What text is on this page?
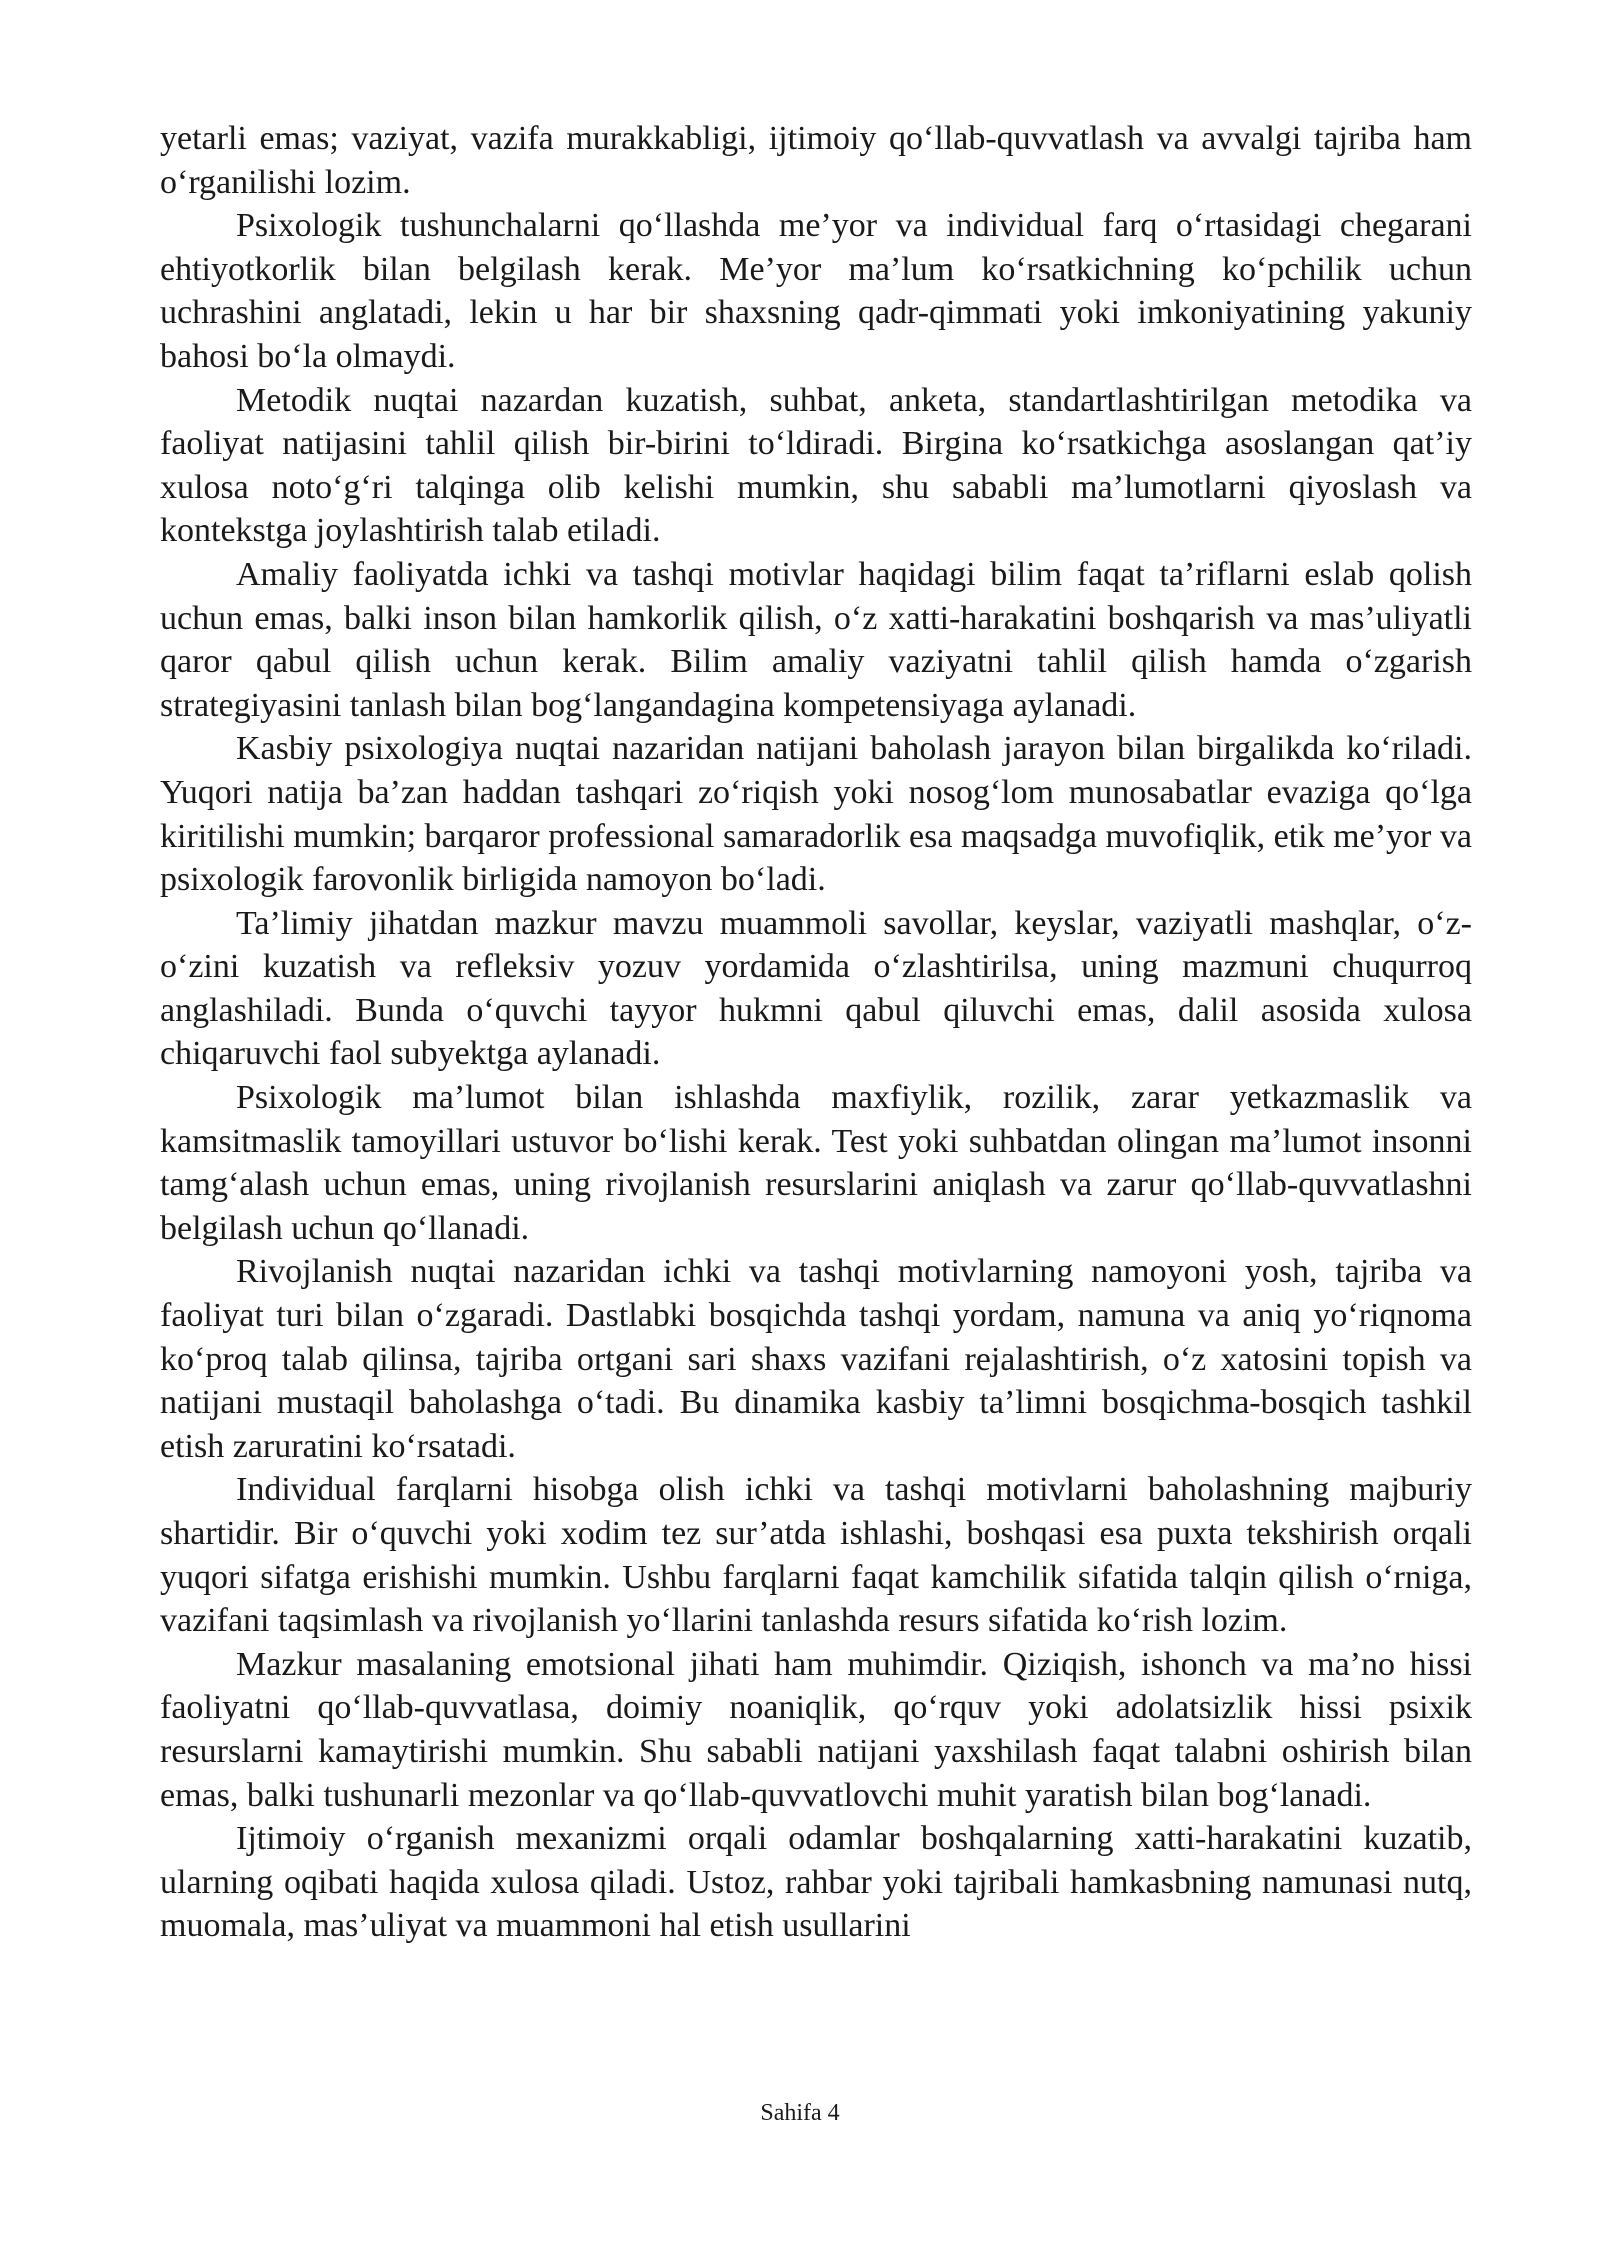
yetarli emas; vaziyat, vazifa murakkabligi, ijtimoiy qo‘llab-quvvatlash va avvalgi tajriba ham o‘rganilishi lozim.

Psixologik tushunchalarni qo‘llashda me’yor va individual farq o‘rtasidagi chegarani ehtiyotkorlik bilan belgilash kerak. Me’yor ma’lum ko‘rsatkichning ko‘pchilik uchun uchrashini anglatadi, lekin u har bir shaxsning qadr-qimmati yoki imkoniyatining yakuniy bahosi bo‘la olmaydi.

Metodik nuqtai nazardan kuzatish, suhbat, anketa, standartlashtirilgan metodika va faoliyat natijasini tahlil qilish bir-birini to‘ldiradi. Birgina ko‘rsatkichga asoslangan qat’iy xulosa noto‘g‘ri talqinga olib kelishi mumkin, shu sababli ma’lumotlarni qiyoslash va kontekstga joylashtirish talab etiladi.

Amaliy faoliyatda ichki va tashqi motivlar haqidagi bilim faqat ta’riflarni eslab qolish uchun emas, balki inson bilan hamkorlik qilish, o‘z xatti-harakatini boshqarish va mas’uliyatli qaror qabul qilish uchun kerak. Bilim amaliy vaziyatni tahlil qilish hamda o‘zgarish strategiyasini tanlash bilan bog‘langandagina kompetensiyaga aylanadi.

Kasbiy psixologiya nuqtai nazaridan natijani baholash jarayon bilan birgalikda ko‘riladi. Yuqori natija ba’zan haddan tashqari zo‘riqish yoki nosog‘lom munosabatlar evaziga qo‘lga kiritilishi mumkin; barqaror professional samaradorlik esa maqsadga muvofiqlik, etik me’yor va psixologik farovonlik birligida namoyon bo‘ladi.

Ta’limiy jihatdan mazkur mavzu muammoli savollar, keyslar, vaziyatli mashqlar, o‘z-o‘zini kuzatish va refleksiv yozuv yordamida o‘zlashtirilsa, uning mazmuni chuqurroq anglashiladi. Bunda o‘quvchi tayyor hukmni qabul qiluvchi emas, dalil asosida xulosa chiqaruvchi faol subyektga aylanadi.

Psixologik ma’lumot bilan ishlashda maxfiylik, rozilik, zarar yetkazmaslik va kamsitmaslik tamoyillari ustuvor bo‘lishi kerak. Test yoki suhbatdan olingan ma’lumot insonni tamg‘alash uchun emas, uning rivojlanish resurslarini aniqlash va zarur qo‘llab-quvvatlashni belgilash uchun qo‘llanadi.

Rivojlanish nuqtai nazaridan ichki va tashqi motivlarning namoyoni yosh, tajriba va faoliyat turi bilan o‘zgaradi. Dastlabki bosqichda tashqi yordam, namuna va aniq yo‘riqnoma ko‘proq talab qilinsa, tajriba ortgani sari shaxs vazifani rejalashtirish, o‘z xatosini topish va natijani mustaqil baholashga o‘tadi. Bu dinamika kasbiy ta’limni bosqichma-bosqich tashkil etish zaruratini ko‘rsatadi.

Individual farqlarni hisobga olish ichki va tashqi motivlarni baholashning majburiy shartidir. Bir o‘quvchi yoki xodim tez sur’atda ishlashi, boshqasi esa puxta tekshirish orqali yuqori sifatga erishishi mumkin. Ushbu farqlarni faqat kamchilik sifatida talqin qilish o‘rniga, vazifani taqsimlash va rivojlanish yo‘llarini tanlashda resurs sifatida ko‘rish lozim.

Mazkur masalaning emotsional jihati ham muhimdir. Qiziqish, ishonch va ma’no hissi faoliyatni qo‘llab-quvvatlasa, doimiy noaniqlik, qo‘rquv yoki adolatsizlik hissi psixik resurslarni kamaytirishi mumkin. Shu sababli natijani yaxshilash faqat talabni oshirish bilan emas, balki tushunarli mezonlar va qo‘llab-quvvatlovchi muhit yaratish bilan bog‘lanadi.

Ijtimoiy o‘rganish mexanizmi orqali odamlar boshqalarning xatti-harakatini kuzatib, ularning oqibati haqida xulosa qiladi. Ustoz, rahbar yoki tajribali hamkasbning namunasi nutq, muomala, mas’uliyat va muammoni hal etish usullarini

Sahifa 4
